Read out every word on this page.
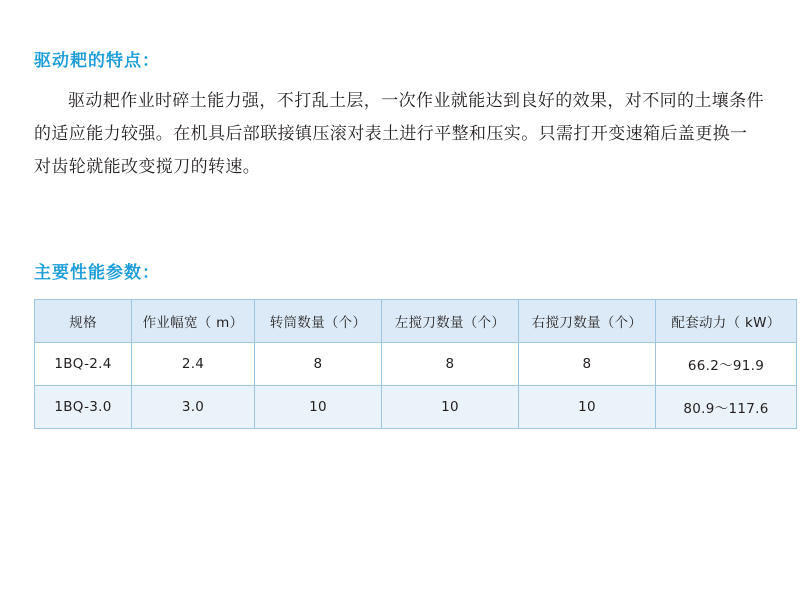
驱动耙的特点：

驱动耙作业时碎土能力强，不打乱土层，一次作业就能达到良好的效果，对不同的土壤条件的适应能力较强。在机具后部联接镇压滚对表土进行平整和压实。只需打开变速箱后盖更换一对齿轮就能改变搅刀的转速。

主要性能参数：
规格	作业幅宽（ m）	转筒数量（个）	左搅刀数量（个）	右搅刀数量（个）	配套动力（ kW）
1BQ-2.4	2.4	8	8	8	66.2～91.9
1BQ-3.0	3.0	10	10	10	80.9～117.6
